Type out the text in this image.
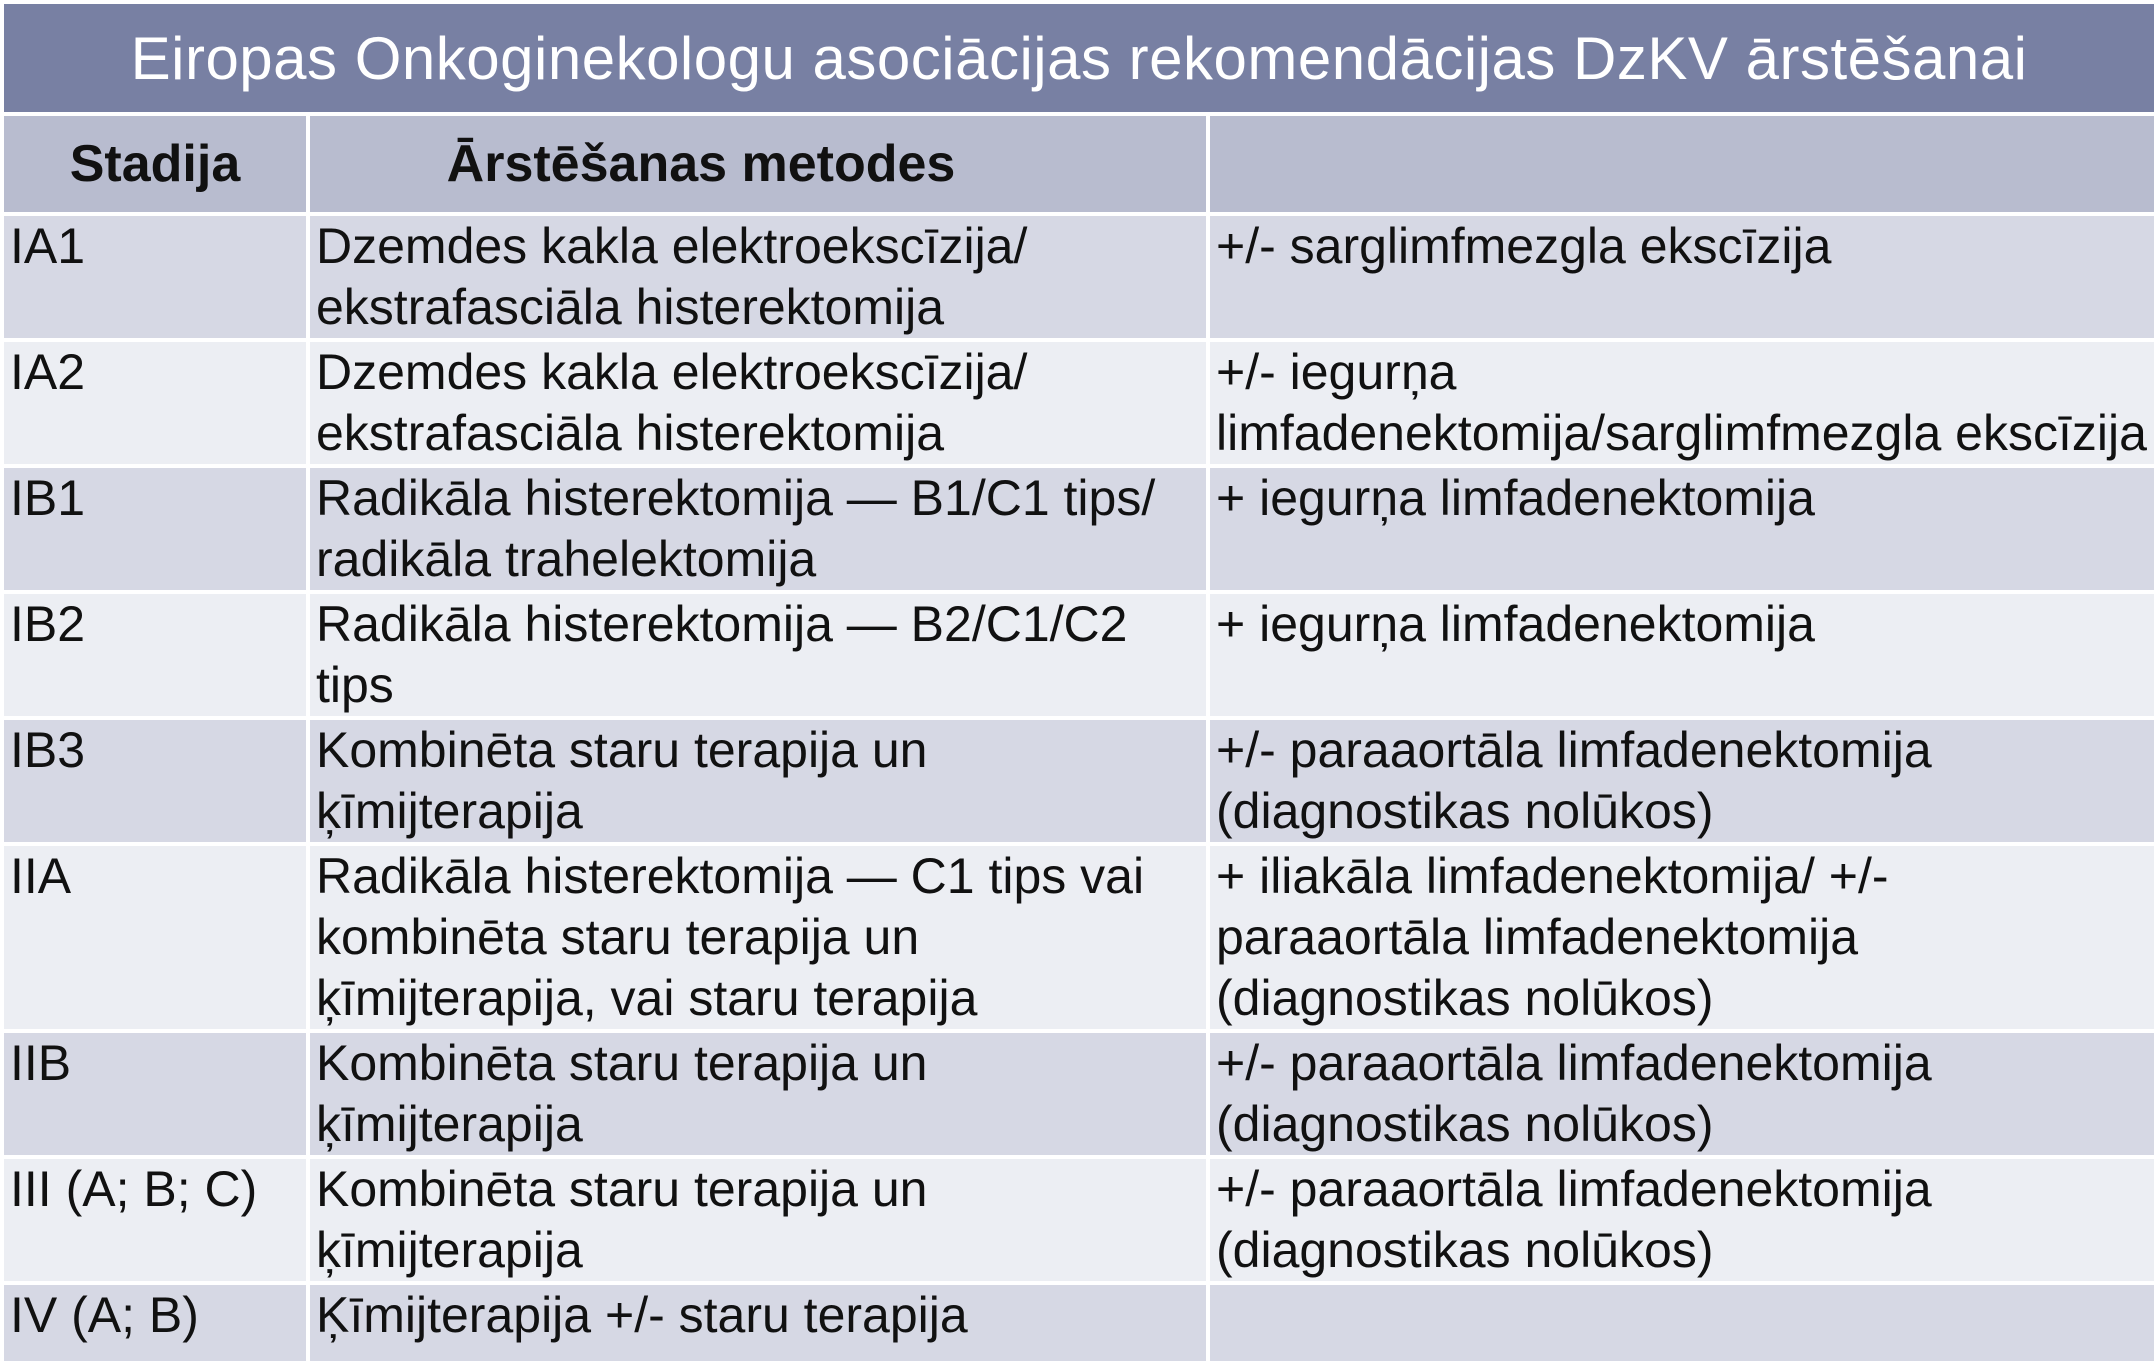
Eiropas Onkoginekologu asociācijas rekomendācijas DzKV ārstēšanai		
Stadija	Ārstēšanas metodes	
IA1	Dzemdes kakla elektroekscīzija/ ekstrafasciāla histerektomija	+/- sarglimfmezgla ekscīzija
IA2	Dzemdes kakla elektroekscīzija/ ekstrafasciāla histerektomija	+/- iegurņa limfadenektomija/sarglimfmezgla ekscīzija
IB1	Radikāla histerektomija — B1/C1 tips/ radikāla trahelektomija	+ iegurņa limfadenektomija
IB2	Radikāla histerektomija — B2/C1/C2 tips	+ iegurņa limfadenektomija
IB3	Kombinēta staru terapija un ķīmijterapija	+/- paraaortāla limfadenektomija (diagnostikas nolūkos)
IIA	Radikāla histerektomija — C1 tips vai kombinēta staru terapija un ķīmijterapija, vai staru terapija	+ iliakāla limfadenektomija/ +/- paraaortāla limfadenektomija (diagnostikas nolūkos)
IIB	Kombinēta staru terapija un ķīmijterapija	+/- paraaortāla limfadenektomija (diagnostikas nolūkos)
III (A; B; C)	Kombinēta staru terapija un ķīmijterapija	+/- paraaortāla limfadenektomija (diagnostikas nolūkos)
IV (A; B)	Ķīmijterapija +/- staru terapija	
